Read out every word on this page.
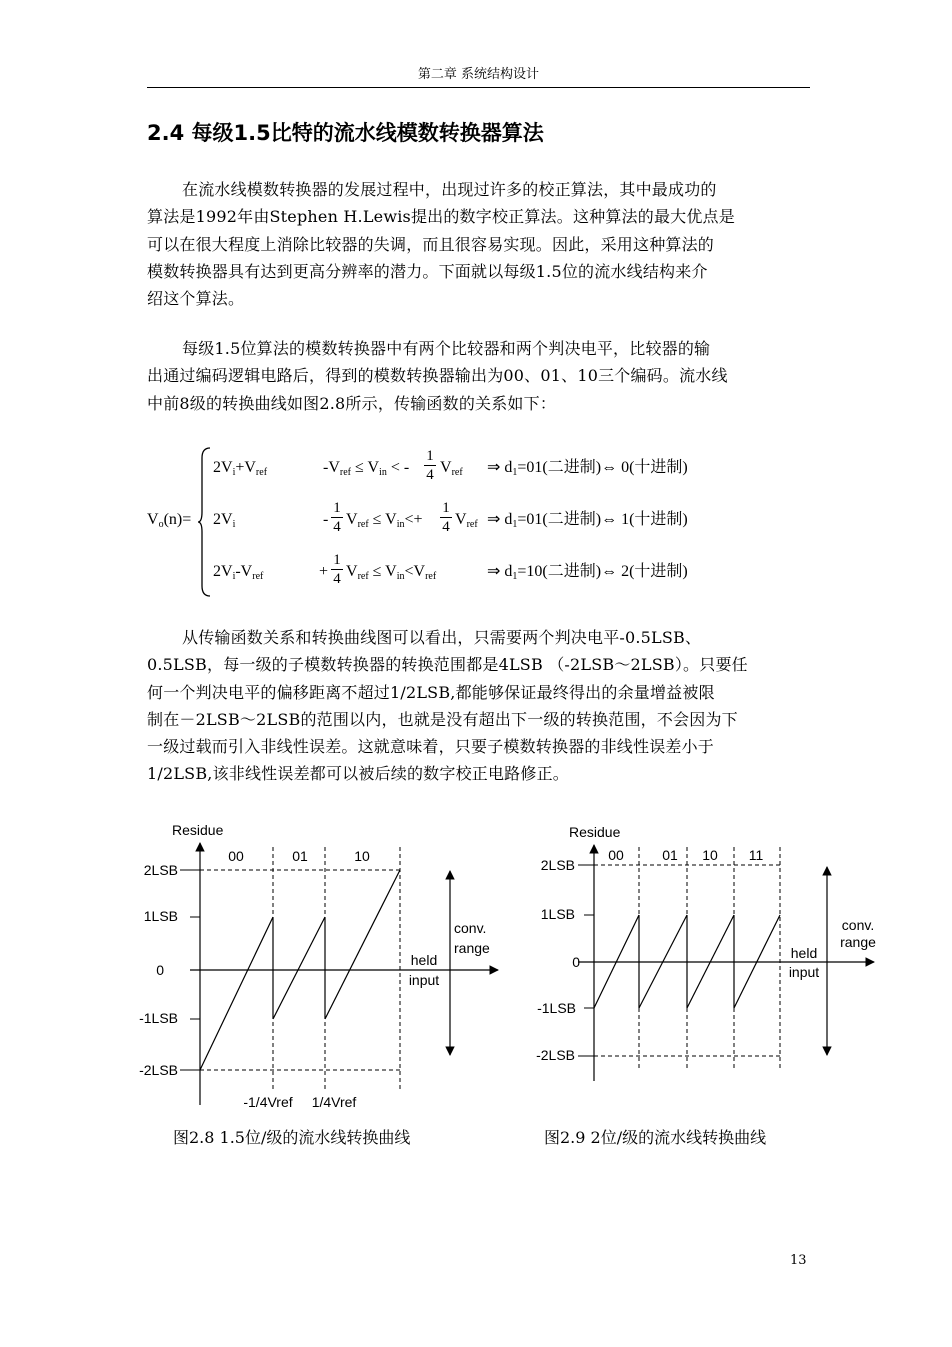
第二章 系统结构设计
2.4 每级1.5比特的流水线模数转换器算法

在流水线模数转换器的发展过程中，出现过许多的校正算法，其中最成功的
算法是1992年由Stephen H.Lewis提出的数字校正算法。这种算法的最大优点是
可以在很大程度上消除比较器的失调，而且很容易实现。因此，采用这种算法的
模数转换器具有达到更高分辨率的潜力。下面就以每级1.5位的流水线结构来介
绍这个算法。

每级1.5位算法的模数转换器中有两个比较器和两个判决电平，比较器的输
出通过编码逻辑电路后，得到的模数转换器输出为00、01、10三个编码。流水线
中前8级的转换曲线如图2.8所示，传输函数的关系如下：

$V_o(n)=$
$2V_i+V_{ref}$	$-V_{ref} \le V_{in}$ < - $\frac{1}{4} V_{ref}$ ⇒ $d_1=01$(二进制)⇔ 0(十进制)
$2V_i$	- $\frac{1}{4} V_{ref} \le V_{in}<+ \frac{1}{4} V_{ref}$ ⇒ $d_1=01$(二进制)⇔ 1(十进制)
$2V_i-V_{ref}$	+ $\frac{1}{4} V_{ref} \le V_{in}<V_{ref}$	⇒ $d_1=10$(二进制)⇔ 2(十进制)

从传输函数关系和转换曲线图可以看出，只需要两个判决电平-0.5LSB、
0.5LSB，每一级的子模数转换器的转换范围都是4LSB （-2LSB～2LSB）。只要任
何一个判决电平的偏移距离不超过1/2LSB,都能够保证最终得出的余量增益被限
制在－2LSB～2LSB的范围以内，也就是没有超出下一级的转换范围，不会因为下
一级过载而引入非线性误差。这就意味着，只要子模数转换器的非线性误差小于
1/2LSB,该非线性误差都可以被后续的数字校正电路修正。

Residue
2LSB
1LSB
0
-1LSB
-2LSB
00	01	10
-1/4Vref 1/4Vref
held
input
conv.
range
Residue
2LSB
1LSB
0
-1LSB
-2LSB
00	01 10 11
held
input
conv.
range
图2.8 1.5位/级的流水线转换曲线	图2.9 2位/级的流水线转换曲线
13
